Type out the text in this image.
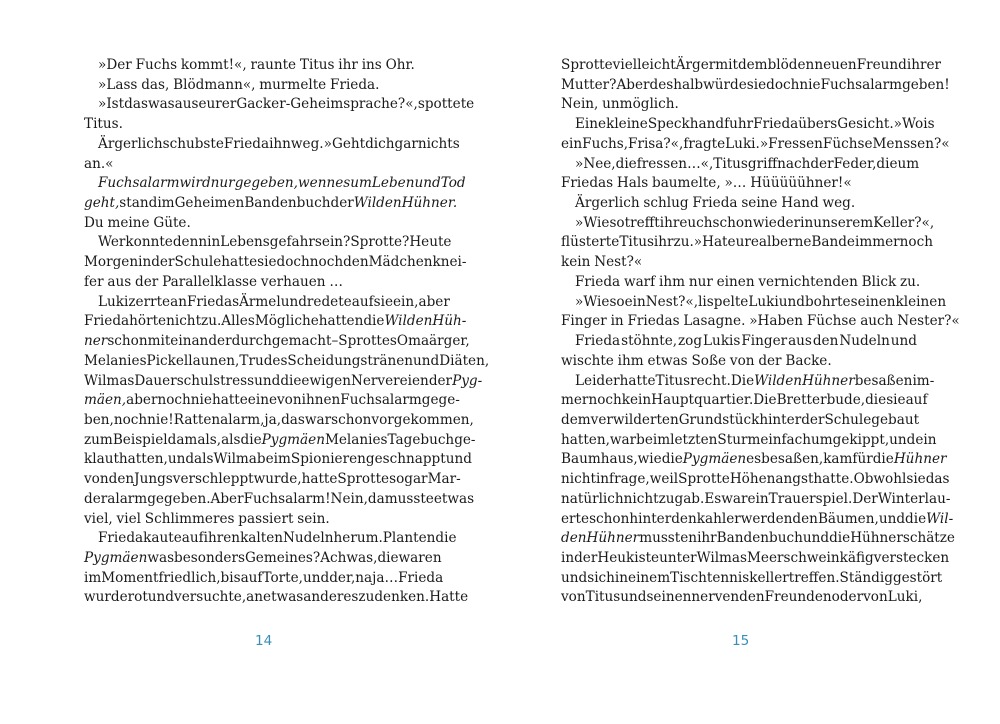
»Der Fuchs kommt!«, raunte Titus ihr ins Ohr.
»Lass das, Blödmann«, murmelte Frieda.
»Ist das was aus eurer Gacker-Geheimsprache?«, spottete
Titus.
Ärgerlich schubste Frieda ihn weg. »Geht dich gar nichts
an.«
Fuchsalarm wird nur gegeben, wenn es um Leben und Tod
geht, stand im Geheimen Bandenbuch der Wilden Hühner.
Du meine Güte.
Wer konnte denn in Lebensgefahr sein? Sprotte? Heute
Morgen in der Schule hatte sie doch noch den Mädchenknei-
fer aus der Parallelklasse verhauen …
Luki zerrte an Friedas Ärmel und redete auf sie ein, aber
Frieda hörte nicht zu. Alles Mögliche hatten die Wilden Hüh-
ner schon miteinander durchgemacht – Sprottes Omaärger,
Melanies Pickellaunen, Trudes Scheidungstränen und Diäten,
Wilmas Dauerschulstress und die ewigen Nervereien der Pyg-
mäen, aber noch nie hatte eine von ihnen Fuchsalarm gege-
ben, noch nie! Rattenalarm, ja, das war schon vorgekommen,
zum Beispiel damals, als die Pygmäen Melanies Tagebuch ge-
klaut hatten, und als Wilma beim Spionieren geschnappt und
von den Jungs verschleppt wurde, hatte Sprotte sogar Mar-
deralarm gegeben. Aber Fuchsalarm! Nein, da musste etwas
viel, viel Schlimmeres passiert sein.
Frieda kaute auf ihren kalten Nudeln herum. Planten die
Pygmäen was besonders Gemeines? Ach was, die waren
im Moment friedlich, bis auf Torte, und der, na ja … Frieda
wurde rot und versuchte, an etwas anderes zu denken. Hatte
Sprotte vielleicht Ärger mit dem blöden neuen Freund ihrer
Mutter? Aber deshalb würde sie doch nie Fuchsalarm geben!
Nein, unmöglich.
Eine kleine Speckhand fuhr Frieda übers Gesicht. »Wo is
ein Fuchs, Frisa?«, fragte Luki. »Fressen Füchse Menssen?«
»Nee, die fressen …«, Titus griff nach der Feder, die um
Friedas Hals baumelte, »… Hüüüüühner!«
Ärgerlich schlug Frieda seine Hand weg.
»Wieso trefft ihr euch schon wieder in unserem Keller?«,
flüsterte Titus ihr zu. »Hat eure alberne Bande immer noch
kein Nest?«
Frieda warf ihm nur einen vernichtenden Blick zu.
»Wieso ein Nest?«, lispelte Luki und bohrte seinen kleinen
Finger in Friedas Lasagne. »Haben Füchse auch Nester?«
Frieda stöhnte, zog Lukis Finger aus den Nudeln und
wischte ihm etwas Soße von der Backe.
Leider hatte Titus recht. Die Wilden Hühner besaßen im-
mer noch kein Hauptquartier. Die Bretterbude, die sie auf
dem verwilderten Grundstück hinter der Schule gebaut
hatten, war beim letzten Sturm einfach umgekippt, und ein
Baumhaus, wie die Pygmäen es besaßen, kam für die Hühner
nicht infrage, weil Sprotte Höhenangst hatte. Obwohl sie das
natürlich nicht zugab. Es war ein Trauerspiel. Der Winter lau-
erte schon hinter den kahler werdenden Bäumen, und die Wil-
den Hühner mussten ihr Bandenbuch und die Hühnerschätze
in der Heukiste unter Wilmas Meerschweinkäfig verstecken
und sich in einem Tischtenniskeller treffen. Ständig gestört
von Titus und seinen nervenden Freunden oder von Luki,
14	15
